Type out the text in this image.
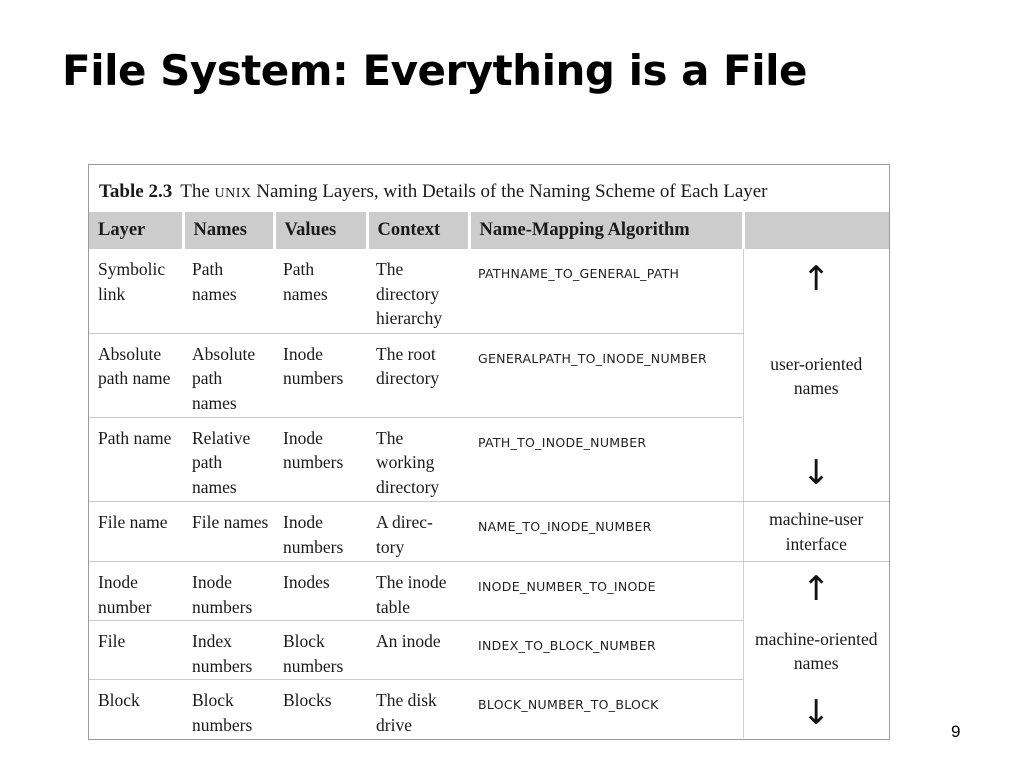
File System: Everything is a File
Table 2.3 The UNIX Naming Layers, with Details of the Naming Scheme of Each Layer
Layer	Names	Values	Context	Name-Mapping Algorithm	
Symbolic link	Path names	Path names	The directory hierarchy	PATHNAME_TO_GENERAL_PATH	↑
user-oriented names
↓

Absolute path name	Absolute path names	Inode numbers	The root directory	GENERALPATH_TO_INODE_NUMBER	
Path name	Relative path names	Inode numbers	The working directory	PATH_TO_INODE_NUMBER	
File name	File names	Inode numbers	A direc- tory	NAME_TO_INODE_NUMBER	machine-user interface
Inode number	Inode numbers	Inodes	The inode table	INODE_NUMBER_TO_INODE	↑
machine-oriented names
↓

File	Index numbers	Block numbers	An inode	INDEX_TO_BLOCK_NUMBER	
Block	Block numbers	Blocks	The disk drive	BLOCK_NUMBER_TO_BLOCK	
9
